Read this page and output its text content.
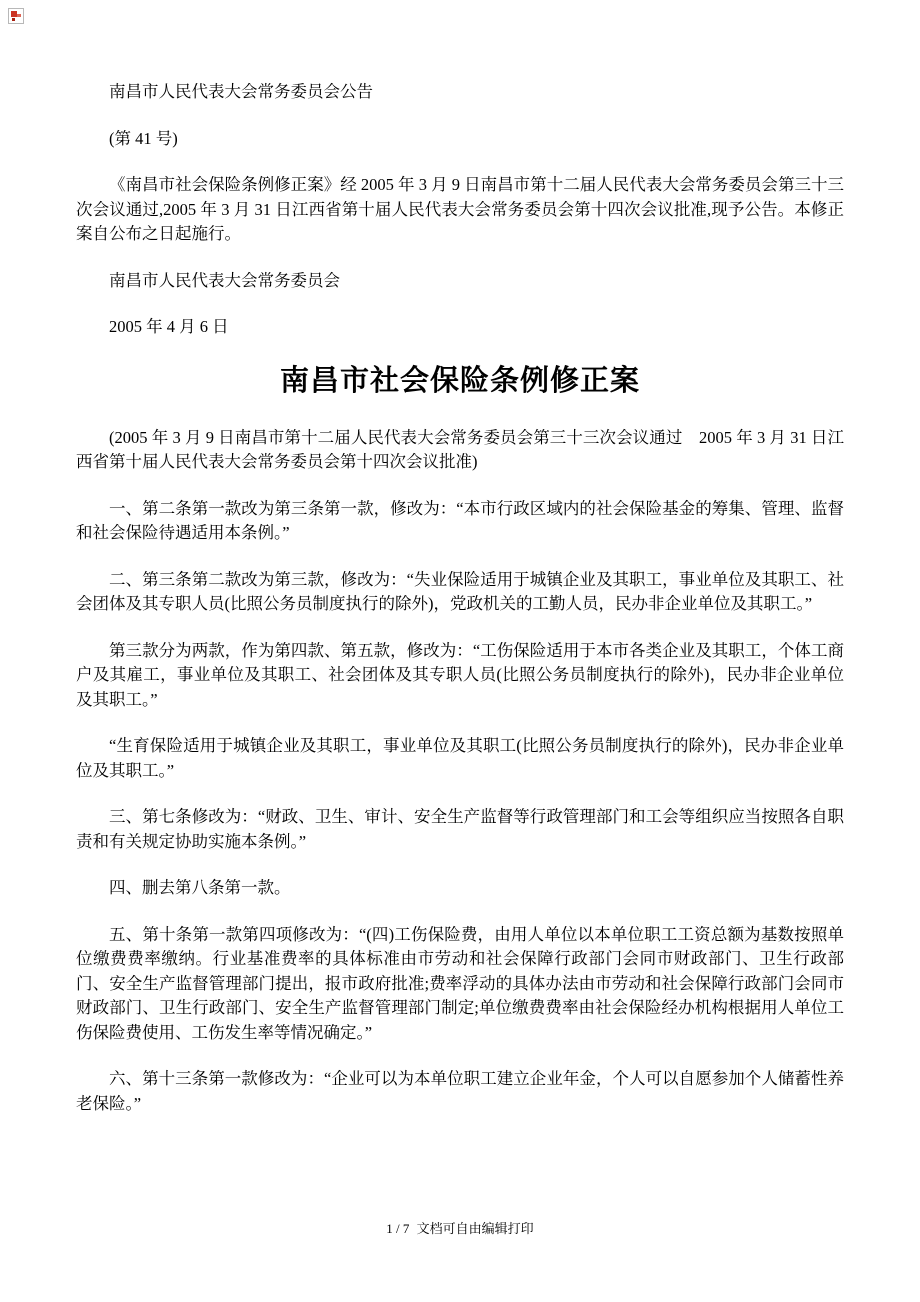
南昌市人民代表大会常务委员会公告

(第 41 号)

《南昌市社会保险条例修正案》经 2005 年 3 月 9 日南昌市第十二届人民代表大会常务委员会第三十三次会议通过,2005 年 3 月 31 日江西省第十届人民代表大会常务委员会第十四次会议批准,现予公告。本修正案自公布之日起施行。

南昌市人民代表大会常务委员会

2005 年 4 月 6 日

南昌市社会保险条例修正案

(2005 年 3 月 9 日南昌市第十二届人民代表大会常务委员会第三十三次会议通过　2005 年 3 月 31 日江西省第十届人民代表大会常务委员会第十四次会议批准)

一、第二条第一款改为第三条第一款，修改为：“本市行政区域内的社会保险基金的筹集、管理、监督和社会保险待遇适用本条例。”

二、第三条第二款改为第三款，修改为：“失业保险适用于城镇企业及其职工，事业单位及其职工、社会团体及其专职人员(比照公务员制度执行的除外)，党政机关的工勤人员，民办非企业单位及其职工。”

第三款分为两款，作为第四款、第五款，修改为：“工伤保险适用于本市各类企业及其职工，个体工商户及其雇工，事业单位及其职工、社会团体及其专职人员(比照公务员制度执行的除外)，民办非企业单位及其职工。”

“生育保险适用于城镇企业及其职工，事业单位及其职工(比照公务员制度执行的除外)，民办非企业单位及其职工。”

三、第七条修改为：“财政、卫生、审计、安全生产监督等行政管理部门和工会等组织应当按照各自职责和有关规定协助实施本条例。”

四、删去第八条第一款。

五、第十条第一款第四项修改为：“(四)工伤保险费，由用人单位以本单位职工工资总额为基数按照单位缴费费率缴纳。行业基准费率的具体标准由市劳动和社会保障行政部门会同市财政部门、卫生行政部门、安全生产监督管理部门提出，报市政府批准;费率浮动的具体办法由市劳动和社会保障行政部门会同市财政部门、卫生行政部门、安全生产监督管理部门制定;单位缴费费率由社会保险经办机构根据用人单位工伤保险费使用、工伤发生率等情况确定。”

六、第十三条第一款修改为：“企业可以为本单位职工建立企业年金，个人可以自愿参加个人储蓄性养老保险。”

1 / 7 文档可自由编辑打印
